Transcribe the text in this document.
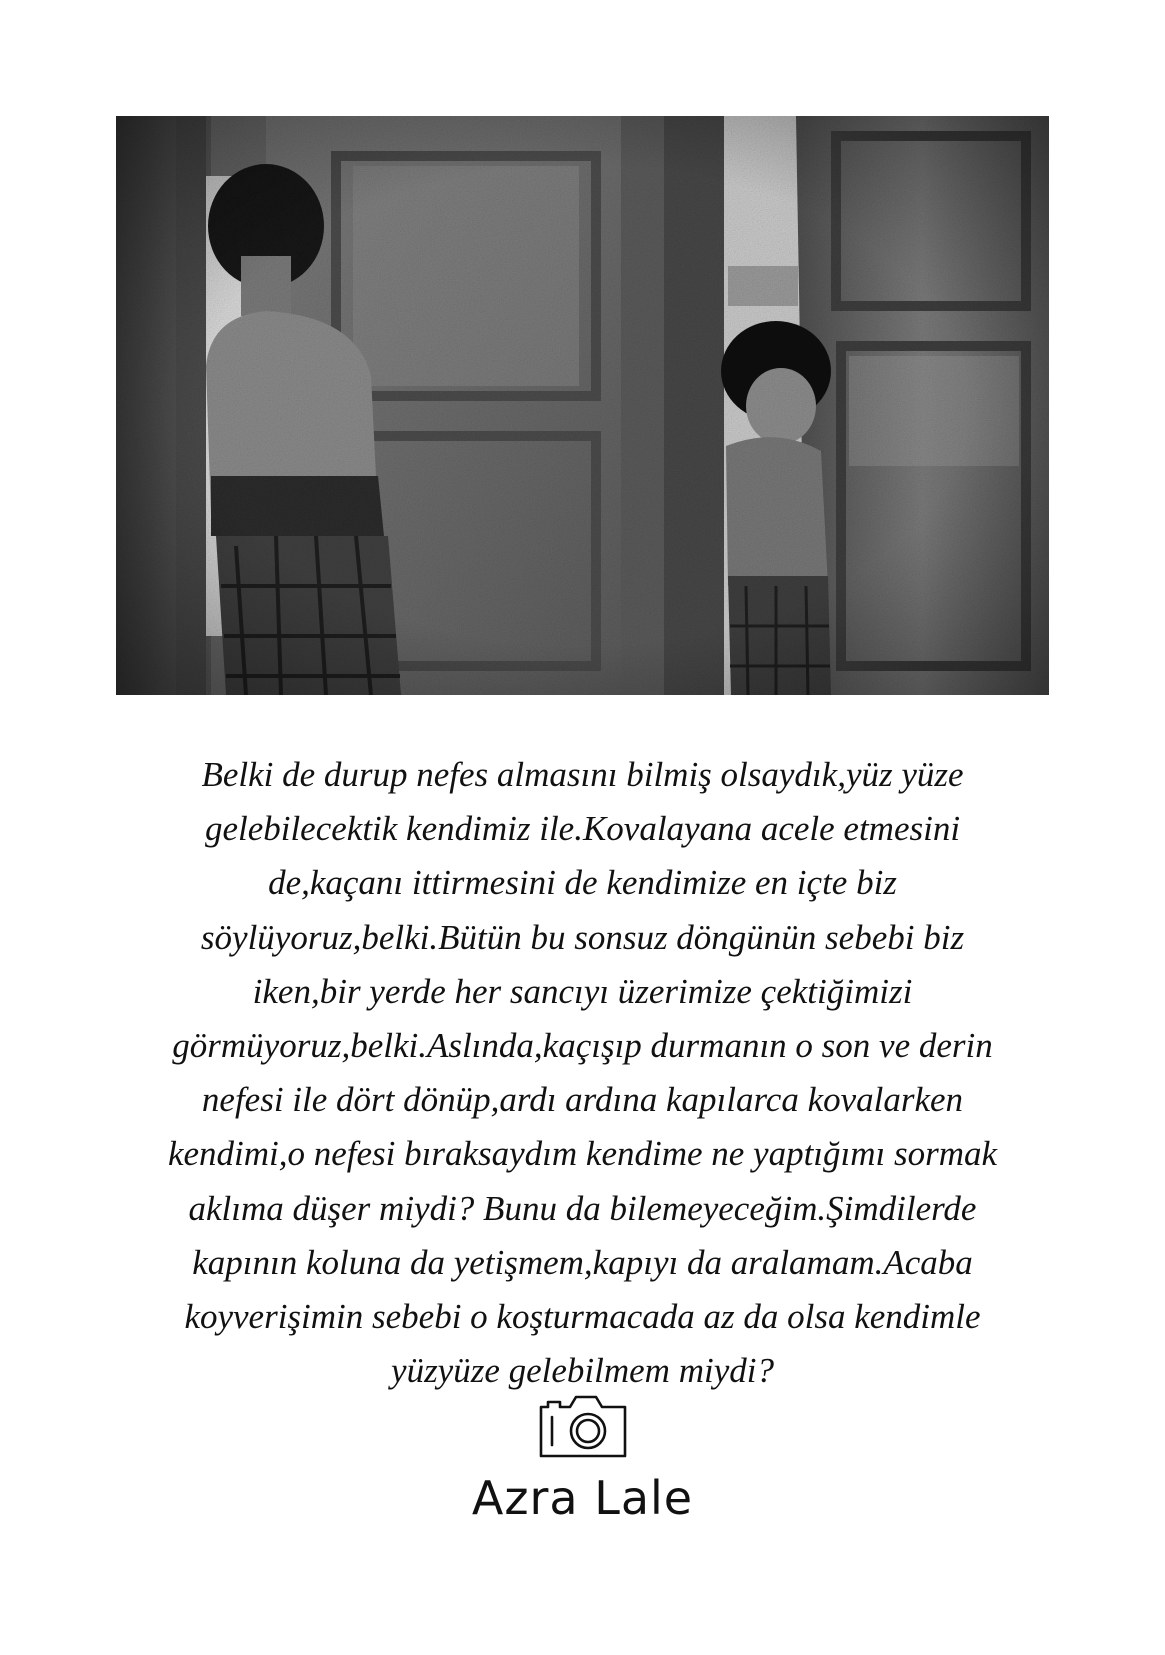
Belki de durup nefes almasını bilmiş olsaydık,yüz yüze
gelebilecektik kendimiz ile.Kovalayana acele etmesini
de,kaçanı ittirmesini de kendimize en içte biz
söylüyoruz,belki.Bütün bu sonsuz döngünün sebebi biz
iken,bir yerde her sancıyı üzerimize çektiğimizi
görmüyoruz,belki.Aslında,kaçışıp durmanın o son ve derin
nefesi ile dört dönüp,ardı ardına kapılarca kovalarken
kendimi,o nefesi bıraksaydım kendime ne yaptığımı sormak
aklıma düşer miydi? Bunu da bilemeyeceğim.Şimdilerde
kapının koluna da yetişmem,kapıyı da aralamam.Acaba
koyverişimin sebebi o koşturmacada az da olsa kendimle
yüzyüze gelebilmem miydi?
Azra Lale
